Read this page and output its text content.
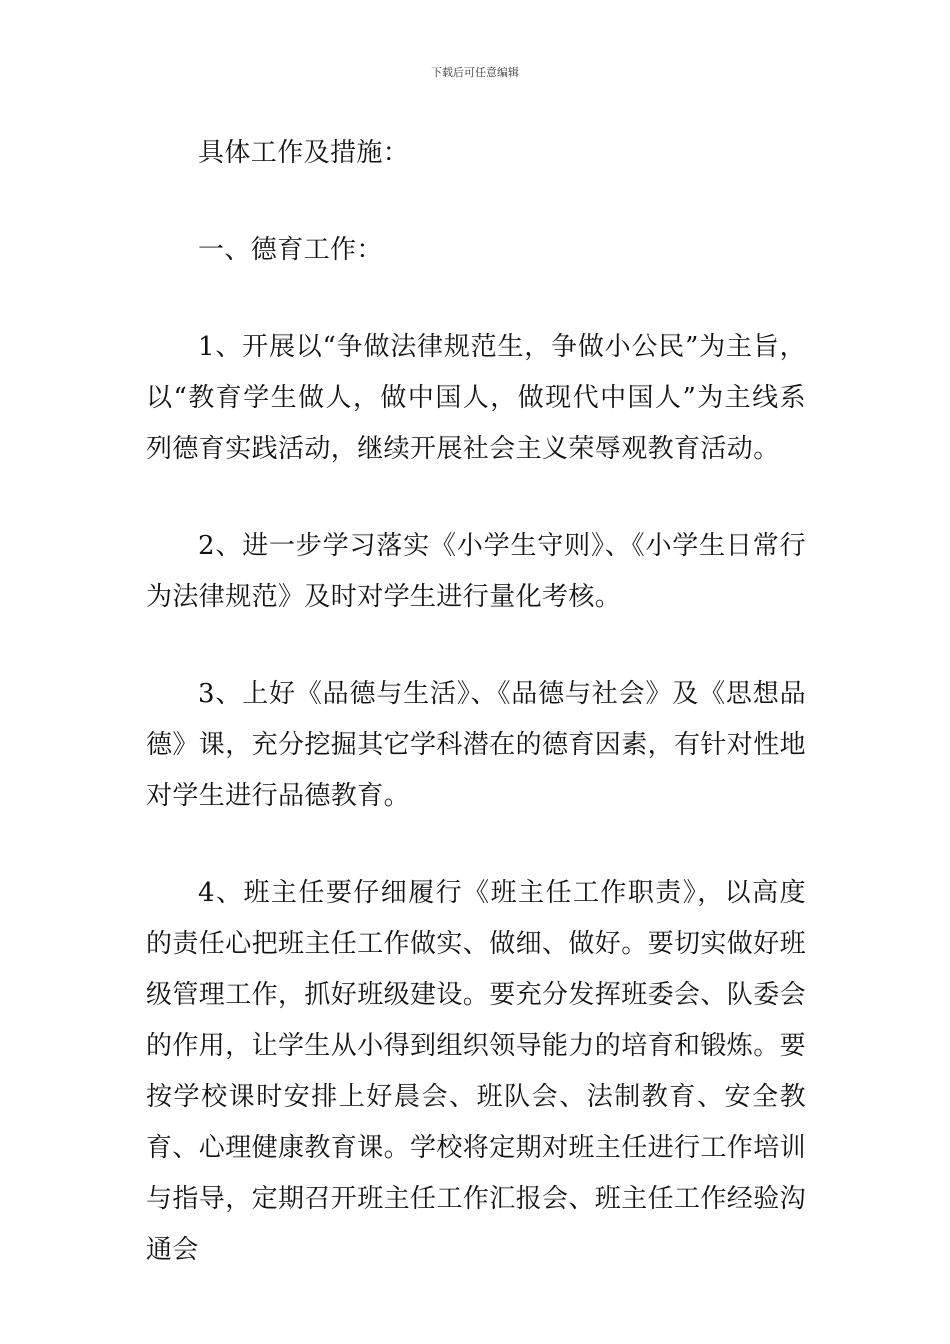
下载后可任意编辑

具体工作及措施：

一、德育工作：

1、开展以“争做法律规范生，争做小公民”为主旨，以“教育学生做人，做中国人，做现代中国人”为主线系列德育实践活动，继续开展社会主义荣辱观教育活动。

2、进一步学习落实《小学生守则》、《小学生日常行为法律规范》及时对学生进行量化考核。

3、上好《品德与生活》、《品德与社会》及《思想品德》课，充分挖掘其它学科潜在的德育因素，有针对性地对学生进行品德教育。

4、班主任要仔细履行《班主任工作职责》，以高度的责任心把班主任工作做实、做细、做好。要切实做好班级管理工作，抓好班级建设。要充分发挥班委会、队委会的作用，让学生从小得到组织领导能力的培育和锻炼。要按学校课时安排上好晨会、班队会、法制教育、安全教育、心理健康教育课。学校将定期对班主任进行工作培训与指导，定期召开班主任工作汇报会、班主任工作经验沟通会
